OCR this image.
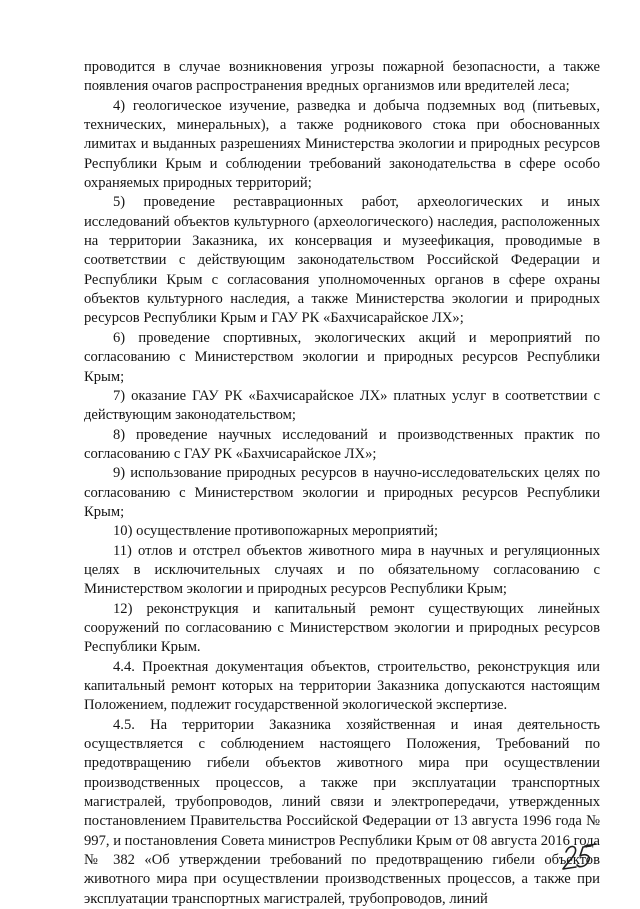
проводится в случае возникновения угрозы пожарной безопасности, а также появления очагов распространения вредных организмов или вредителей леса;

4) геологическое изучение, разведка и добыча подземных вод (питьевых, технических, минеральных), а также родникового стока при обоснованных лимитах и выданных разрешениях Министерства экологии и природных ресурсов Республики Крым и соблюдении требований законодательства в сфере особо охраняемых природных территорий;

5) проведение реставрационных работ, археологических и иных исследований объектов культурного (археологического) наследия, расположенных на территории Заказника, их консервация и музеефикация, проводимые в соответствии с действующим законодательством Российской Федерации и Республики Крым с согласования уполномоченных органов в сфере охраны объектов культурного наследия, а также Министерства экологии и природных ресурсов Республики Крым и ГАУ РК «Бахчисарайское ЛХ»;

6) проведение спортивных, экологических акций и мероприятий по согласованию с Министерством экологии и природных ресурсов Республики Крым;

7) оказание ГАУ РК «Бахчисарайское ЛХ» платных услуг в соответствии с действующим законодательством;

8) проведение научных исследований и производственных практик по согласованию с ГАУ РК «Бахчисарайское ЛХ»;

9) использование природных ресурсов в научно-исследовательских целях по согласованию с Министерством экологии и природных ресурсов Республики Крым;

10) осуществление противопожарных мероприятий;

11) отлов и отстрел объектов животного мира в научных и регуляционных целях в исключительных случаях и по обязательному согласованию с Министерством экологии и природных ресурсов Республики Крым;

12) реконструкция и капитальный ремонт существующих линейных сооружений по согласованию с Министерством экологии и природных ресурсов Республики Крым.

4.4. Проектная документация объектов, строительство, реконструкция или капитальный ремонт которых на территории Заказника допускаются настоящим Положением, подлежит государственной экологической экспертизе.

4.5. На территории Заказника хозяйственная и иная деятельность осуществляется с соблюдением настоящего Положения, Требований по предотвращению гибели объектов животного мира при осуществлении производственных процессов, а также при эксплуатации транспортных магистралей, трубопроводов, линий связи и электропередачи, утвержденных постановлением Правительства Российской Федерации от 13 августа 1996 года № 997, и постановления Совета министров Республики Крым от 08 августа 2016 года № 382 «Об утверждении требований по предотвращению гибели объектов животного мира при осуществлении производственных процессов, а также при эксплуатации транспортных магистралей, трубопроводов, линий
